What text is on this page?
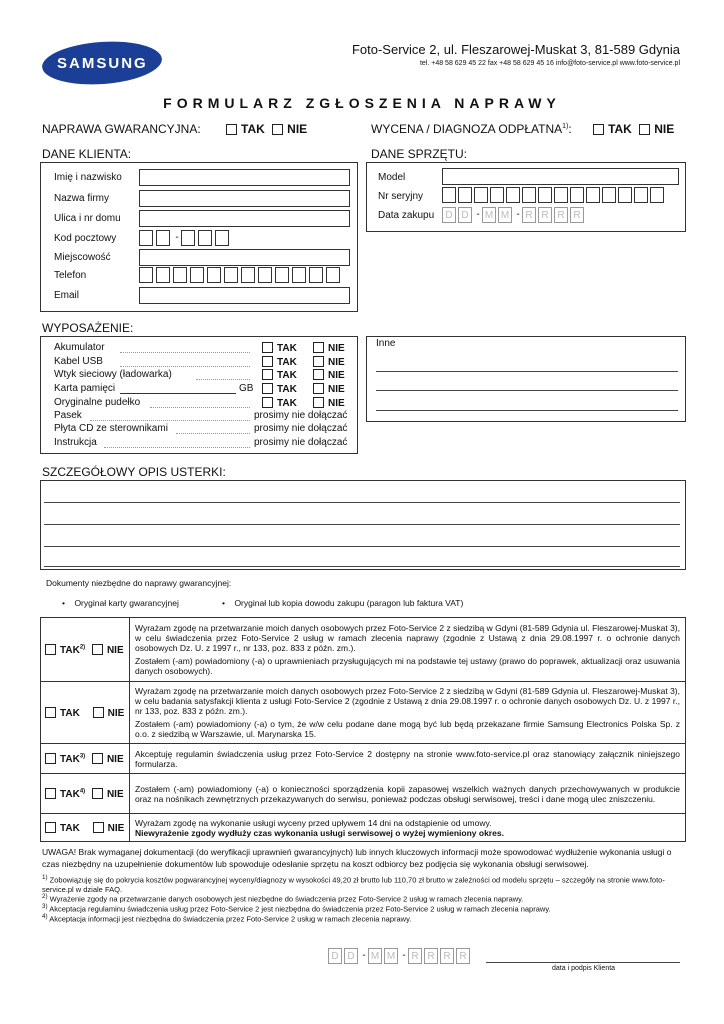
SAMSUNG
Foto-Service 2, ul. Fleszarowej-Muskat 3, 81-589 Gdynia
tel. +48 58 629 45 22 fax +48 58 629 45 16 info@foto-service.pl www.foto-service.pl
FORMULARZ ZGŁOSZENIA NAPRAWY
NAPRAWA GWARANCYJNA:	TAK NIE	WYCENA / DIAGNOZA ODPŁATNA$^{1)}$:	TAK NIE
DANE KLIENTA:
Imię i nazwisko
Nazwa firmy
Ulica i nr domu
Kod pocztowy	-
Miejscowość
Telefon
Email
DANE SPRZĘTU:
Model
Nr seryjny
Data zakupu	D D - M M - R R R R
WYPOSAŻENIE:
Akumulator	TAK	NIE
Kabel USB	TAK	NIE
Wtyk sieciowy (ładowarka)	TAK	NIE
Karta pamięci	GB	TAK	NIE
Oryginalne pudełko	TAK	NIE
Pasek	prosimy nie dołączać
Płyta CD ze sterownikami	prosimy nie dołączać
Instrukcja	prosimy nie dołączać
Inne
SZCZEGÓŁOWY OPIS USTERKI:
Dokumenty niezbędne do naprawy gwarancyjnej:
•    Oryginał karty gwarancyjnej	•    Oryginał lub kopia dowodu zakupu (paragon lub faktura VAT)
TAK$^{2)}$ NIE	Wyrażam zgodę na przetwarzanie moich danych osobowych przez Foto-Service 2 z siedzibą w Gdyni (81-589 Gdynia ul. Fleszarowej-Muskat 3), w celu świadczenia przez Foto-Service 2 usług w ramach zlecenia naprawy (zgodnie z Ustawą z dnia 29.08.1997 r. o ochronie danych osobowych Dz. U. z 1997 r., nr 133, poz. 833 z późn. zm.).
Zostałem (-am) powiadomiony (-a) o uprawnieniach przysługujących mi na podstawie tej ustawy (prawo do poprawek, aktualizacji oraz usuwania danych osobowych).

TAK NIE	Wyrażam zgodę na przetwarzanie moich danych osobowych przez Foto-Service 2 z siedzibą w Gdyni (81-589 Gdynia ul. Fleszarowej-Muskat 3), w celu badania satysfakcji klienta z usługi Foto-Service 2 (zgodnie z Ustawą z dnia 29.08.1997 r. o ochronie danych osobowych Dz. U. z 1997 r., nr 133, poz. 833 z późn. zm.).
Zostałem (-am) powiadomiony (-a) o tym, że w/w celu podane dane mogą być lub będą przekazane firmie Samsung Electronics Polska Sp. z o.o. z siedzibą w Warszawie, ul. Marynarska 15.

TAK$^{3)}$ NIE	Akceptuję regulamin świadczenia usług przez Foto-Service 2 dostępny na stronie www.foto-service.pl oraz stanowiący załącznik niniejszego formularza.

TAK$^{4)}$ NIE	Zostałem (-am) powiadomiony (-a) o konieczności sporządzenia kopii zapasowej wszelkich ważnych danych przechowywanych w produkcie oraz na nośnikach zewnętrznych przekazywanych do serwisu, ponieważ podczas obsługi serwisowej, treści i dane mogą ulec zniszczeniu.

TAK NIE	Wyrażam zgodę na wykonanie usługi wyceny przed upływem 14 dni na odstąpienie od umowy.
Niewyrażenie zgody wydłuży czas wykonania usługi serwisowej o wyżej wymieniony okres.
UWAGA! Brak wymaganej dokumentacji (do weryfikacji uprawnień gwarancyjnych) lub innych kluczowych informacji może spowodować wydłużenie wykonania usługi o czas niezbędny na uzupełnienie dokumentów lub spowoduje odesłanie sprzętu na koszt odbiorcy bez podjęcia się wykonania obsługi serwisowej.
$^{1)}$ Zobowiązuję się do pokrycia kosztów pogwarancyjnej wyceny/diagnozy w wysokości 49,20 zł brutto lub 110,70 zł brutto w zależności od modelu sprzętu – szczegóły na stronie www.foto-service.pl w dziale FAQ.
$^{2)}$ Wyrażenie zgody na przetwarzanie danych osobowych jest niezbędne do świadczenia przez Foto-Service 2 usług w ramach zlecenia naprawy.
$^{3)}$ Akceptacja regulaminu świadczenia usług przez Foto-Service 2 jest niezbędna do świadczenia przez Foto-Service 2 usług w ramach zlecenia naprawy.
$^{4)}$ Akceptacja informacji jest niezbędna do świadczenia przez Foto-Service 2 usług w ramach zlecenia naprawy.
D D - M M - R R R R
data i podpis Klienta
